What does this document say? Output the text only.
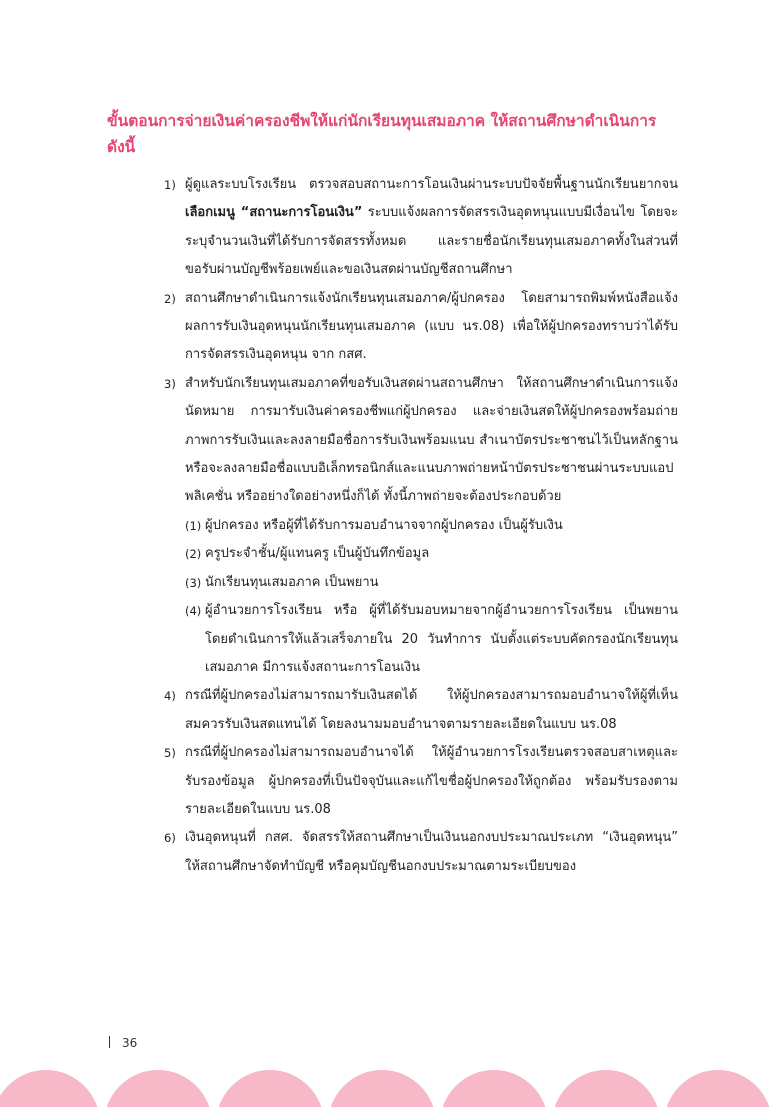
ขั้นตอนการจ่ายเงินค่าครองชีพให้แก่นักเรียนทุนเสมอภาค ให้สถานศึกษาดำเนินการ ดังนี้
1) ผู้ดูแลระบบโรงเรียน ตรวจสอบสถานะการโอนเงินผ่านระบบปัจจัยพื้นฐานนักเรียนยากจน เลือกเมนู “สถานะการโอนเงิน” ระบบแจ้งผลการจัดสรรเงินอุดหนุนแบบมีเงื่อนไข โดยจะระบุจำนวนเงินที่ได้รับการจัดสรรทั้งหมด และรายชื่อนักเรียนทุนเสมอภาคทั้งในส่วนที่ขอรับผ่านบัญชีพร้อยเพย์และขอเงินสดผ่านบัญชีสถานศึกษา
2) สถานศึกษาดำเนินการแจ้งนักเรียนทุนเสมอภาค/ผู้ปกครอง โดยสามารถพิมพ์หนังสือแจ้งผลการรับเงินอุดหนุนนักเรียนทุนเสมอภาค (แบบ นร.08) เพื่อให้ผู้ปกครองทราบว่าได้รับการจัดสรรเงินอุดหนุน จาก กสศ.
3) สำหรับนักเรียนทุนเสมอภาคที่ขอรับเงินสดผ่านสถานศึกษา ให้สถานศึกษาดำเนินการแจ้งนัดหมาย การมารับเงินค่าครองชีพแก่ผู้ปกครอง และจ่ายเงินสดให้ผู้ปกครองพร้อมถ่ายภาพการรับเงินและลงลายมือชื่อการรับเงินพร้อมแนบ สำเนาบัตรประชาชนไว้เป็นหลักฐาน หรือจะลงลายมือชื่อแบบอิเล็กทรอนิกส์และแนบภาพถ่ายหน้าบัตรประชาชนผ่านระบบแอปพลิเคชั่น หรืออย่างใดอย่างหนึ่งก็ได้ ทั้งนี้ภาพถ่ายจะต้องประกอบด้วย
(1) ผู้ปกครอง หรือผู้ที่ได้รับการมอบอำนาจจากผู้ปกครอง เป็นผู้รับเงิน
(2) ครูประจำชั้น/ผู้แทนครู เป็นผู้บันทึกข้อมูล
(3) นักเรียนทุนเสมอภาค เป็นพยาน
(4) ผู้อำนวยการโรงเรียน หรือ ผู้ที่ได้รับมอบหมายจากผู้อำนวยการโรงเรียน เป็นพยาน โดยดำเนินการให้แล้วเสร็จภายใน 20 วันทำการ นับตั้งแต่ระบบคัดกรองนักเรียนทุนเสมอภาค มีการแจ้งสถานะการโอนเงิน
4) กรณีที่ผู้ปกครองไม่สามารถมารับเงินสดได้ ให้ผู้ปกครองสามารถมอบอำนาจให้ผู้ที่เห็นสมควรรับเงินสดแทนได้ โดยลงนามมอบอำนาจตามรายละเอียดในแบบ นร.08
5) กรณีที่ผู้ปกครองไม่สามารถมอบอำนาจได้ ให้ผู้อำนวยการโรงเรียนตรวจสอบสาเหตุและรับรองข้อมูล ผู้ปกครองที่เป็นปัจจุบันและแก้ไขชื่อผู้ปกครองให้ถูกต้อง พร้อมรับรองตามรายละเอียดในแบบ นร.08
6) เงินอุดหนุนที่ กสศ. จัดสรรให้สถานศึกษาเป็นเงินนอกงบประมาณประเภท “เงินอุดหนุน” ให้สถานศึกษาจัดทำบัญชี หรือคุมบัญชีนอกงบประมาณตามระเบียบของ
36
